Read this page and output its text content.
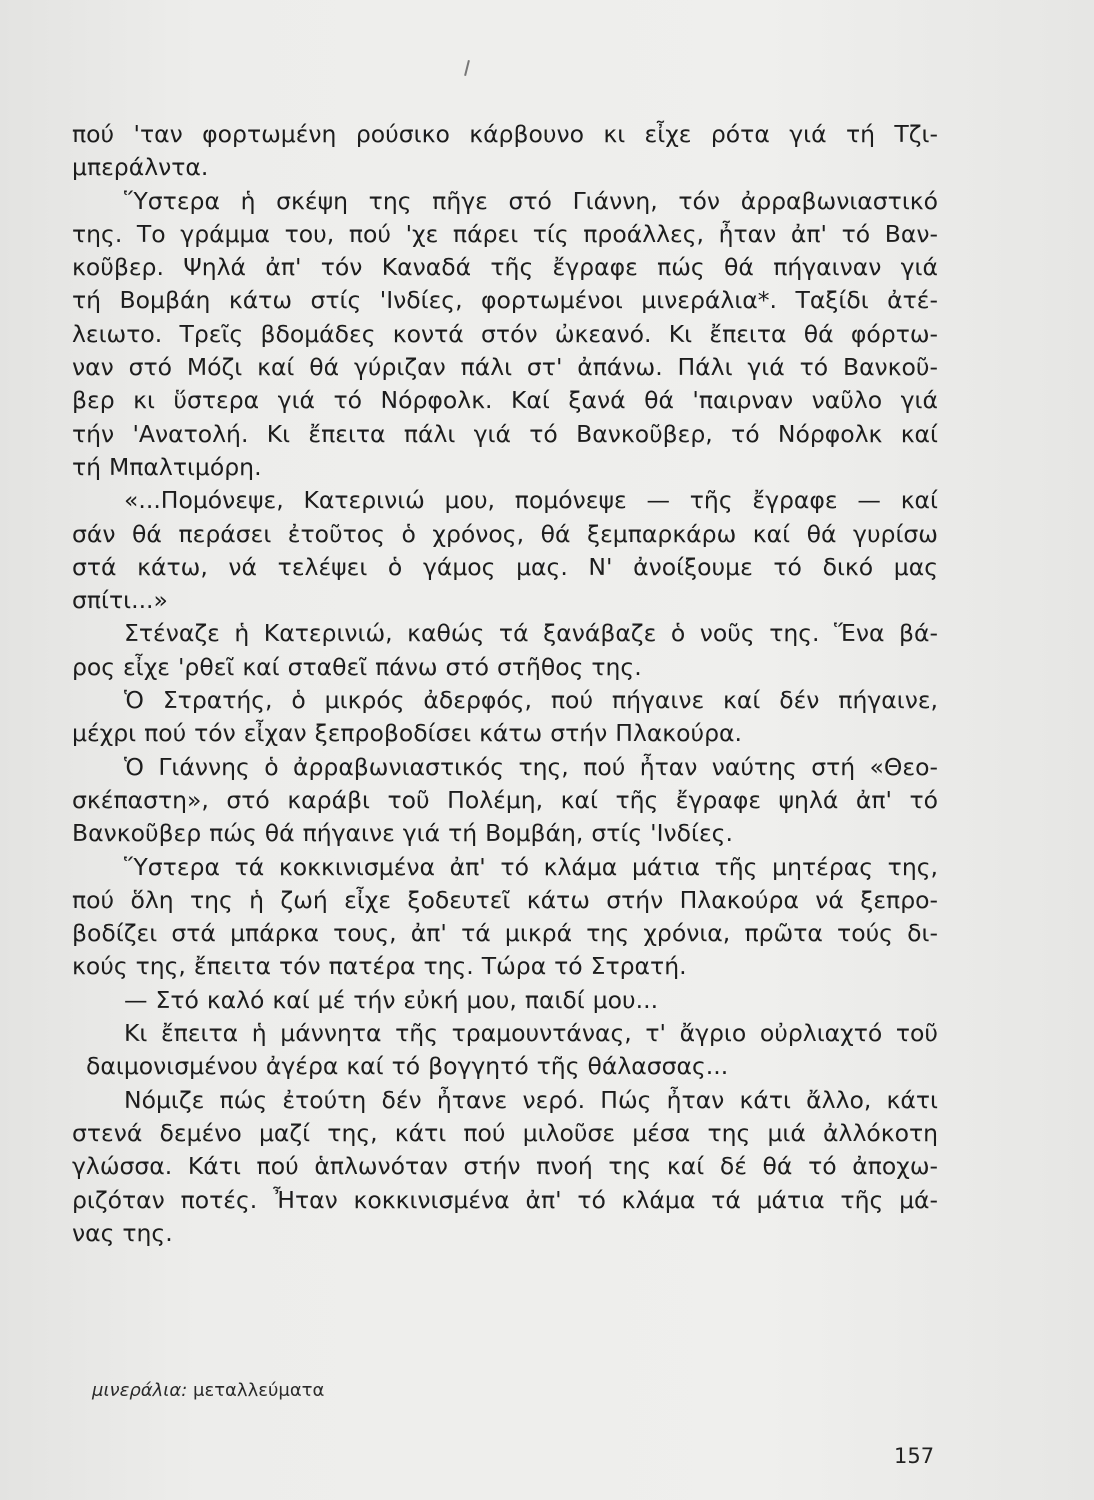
πού 'ταν φορτωμένη ρούσικο κάρβουνο κι εἶχε ρότα γιά τή Τζι-
μπεράλντα.
Ὕστερα ἡ σκέψη της πῆγε στό Γιάννη, τόν ἀρραβωνιαστικό
της. Το γράμμα του, πού 'χε πάρει τίς προάλλες, ἦταν ἀπ' τό Βαν-
κοῦβερ. Ψηλά ἀπ' τόν Καναδά τῆς ἔγραφε πώς θά πήγαιναν γιά
τή Βομβάη κάτω στίς 'Ινδίες, φορτωμένοι μινεράλια*. Ταξίδι ἀτέ-
λειωτο. Τρεῖς βδομάδες κοντά στόν ὠκεανό. Κι ἔπειτα θά φόρτω-
ναν στό Μόζι καί θά γύριζαν πάλι στ' ἀπάνω. Πάλι γιά τό Βανκοῦ-
βερ κι ὕστερα γιά τό Νόρφολκ. Καί ξανά θά 'παιρναν ναῦλο γιά
τήν 'Ανατολή. Κι ἔπειτα πάλι γιά τό Βανκοῦβερ, τό Νόρφολκ καί
τή Μπαλτιμόρη.
«...Πομόνεψε, Κατερινιώ μου, πομόνεψε — τῆς ἔγραφε — καί
σάν θά περάσει ἐτοῦτος ὁ χρόνος, θά ξεμπαρκάρω καί θά γυρίσω
στά κάτω, νά τελέψει ὁ γάμος μας. Ν' ἀνοίξουμε τό δικό μας
σπίτι...»
Στέναζε ἡ Κατερινιώ, καθώς τά ξανάβαζε ὁ νοῦς της. Ἕνα βά-
ρος εἶχε 'ρθεῖ καί σταθεῖ πάνω στό στῆθος της.
Ὁ Στρατής, ὁ μικρός ἀδερφός, πού πήγαινε καί δέν πήγαινε,
μέχρι πού τόν εἶχαν ξεπροβοδίσει κάτω στήν Πλακούρα.
Ὁ Γιάννης ὁ ἀρραβωνιαστικός της, πού ἦταν ναύτης στή «Θεο-
σκέπαστη», στό καράβι τοῦ Πολέμη, καί τῆς ἔγραφε ψηλά ἀπ' τό
Βανκοῦβερ πώς θά πήγαινε γιά τή Βομβάη, στίς 'Ινδίες.
Ὕστερα τά κοκκινισμένα ἀπ' τό κλάμα μάτια τῆς μητέρας της,
πού ὅλη της ἡ ζωή εἶχε ξοδευτεῖ κάτω στήν Πλακούρα νά ξεπρο-
βοδίζει στά μπάρκα τους, ἀπ' τά μικρά της χρόνια, πρῶτα τούς δι-
κούς της, ἔπειτα τόν πατέρα της. Τώρα τό Στρατή.
— Στό καλό καί μέ τήν εὐκή μου, παιδί μου...
Κι ἔπειτα ἡ μάννητα τῆς τραμουντάνας, τ' ἄγριο οὐρλιαχτό τοῦ
δαιμονισμένου ἀγέρα καί τό βογγητό τῆς θάλασσας...
Νόμιζε πώς ἐτούτη δέν ἦτανε νερό. Πώς ἦταν κάτι ἄλλο, κάτι
στενά δεμένο μαζί της, κάτι πού μιλοῦσε μέσα της μιά ἀλλόκοτη
γλώσσα. Κάτι πού ἁπλωνόταν στήν πνοή της καί δέ θά τό ἀποχω-
ριζόταν ποτές. Ἦταν κοκκινισμένα ἀπ' τό κλάμα τά μάτια τῆς μά-
νας της.
μινεράλια: μεταλλεύματα
157
